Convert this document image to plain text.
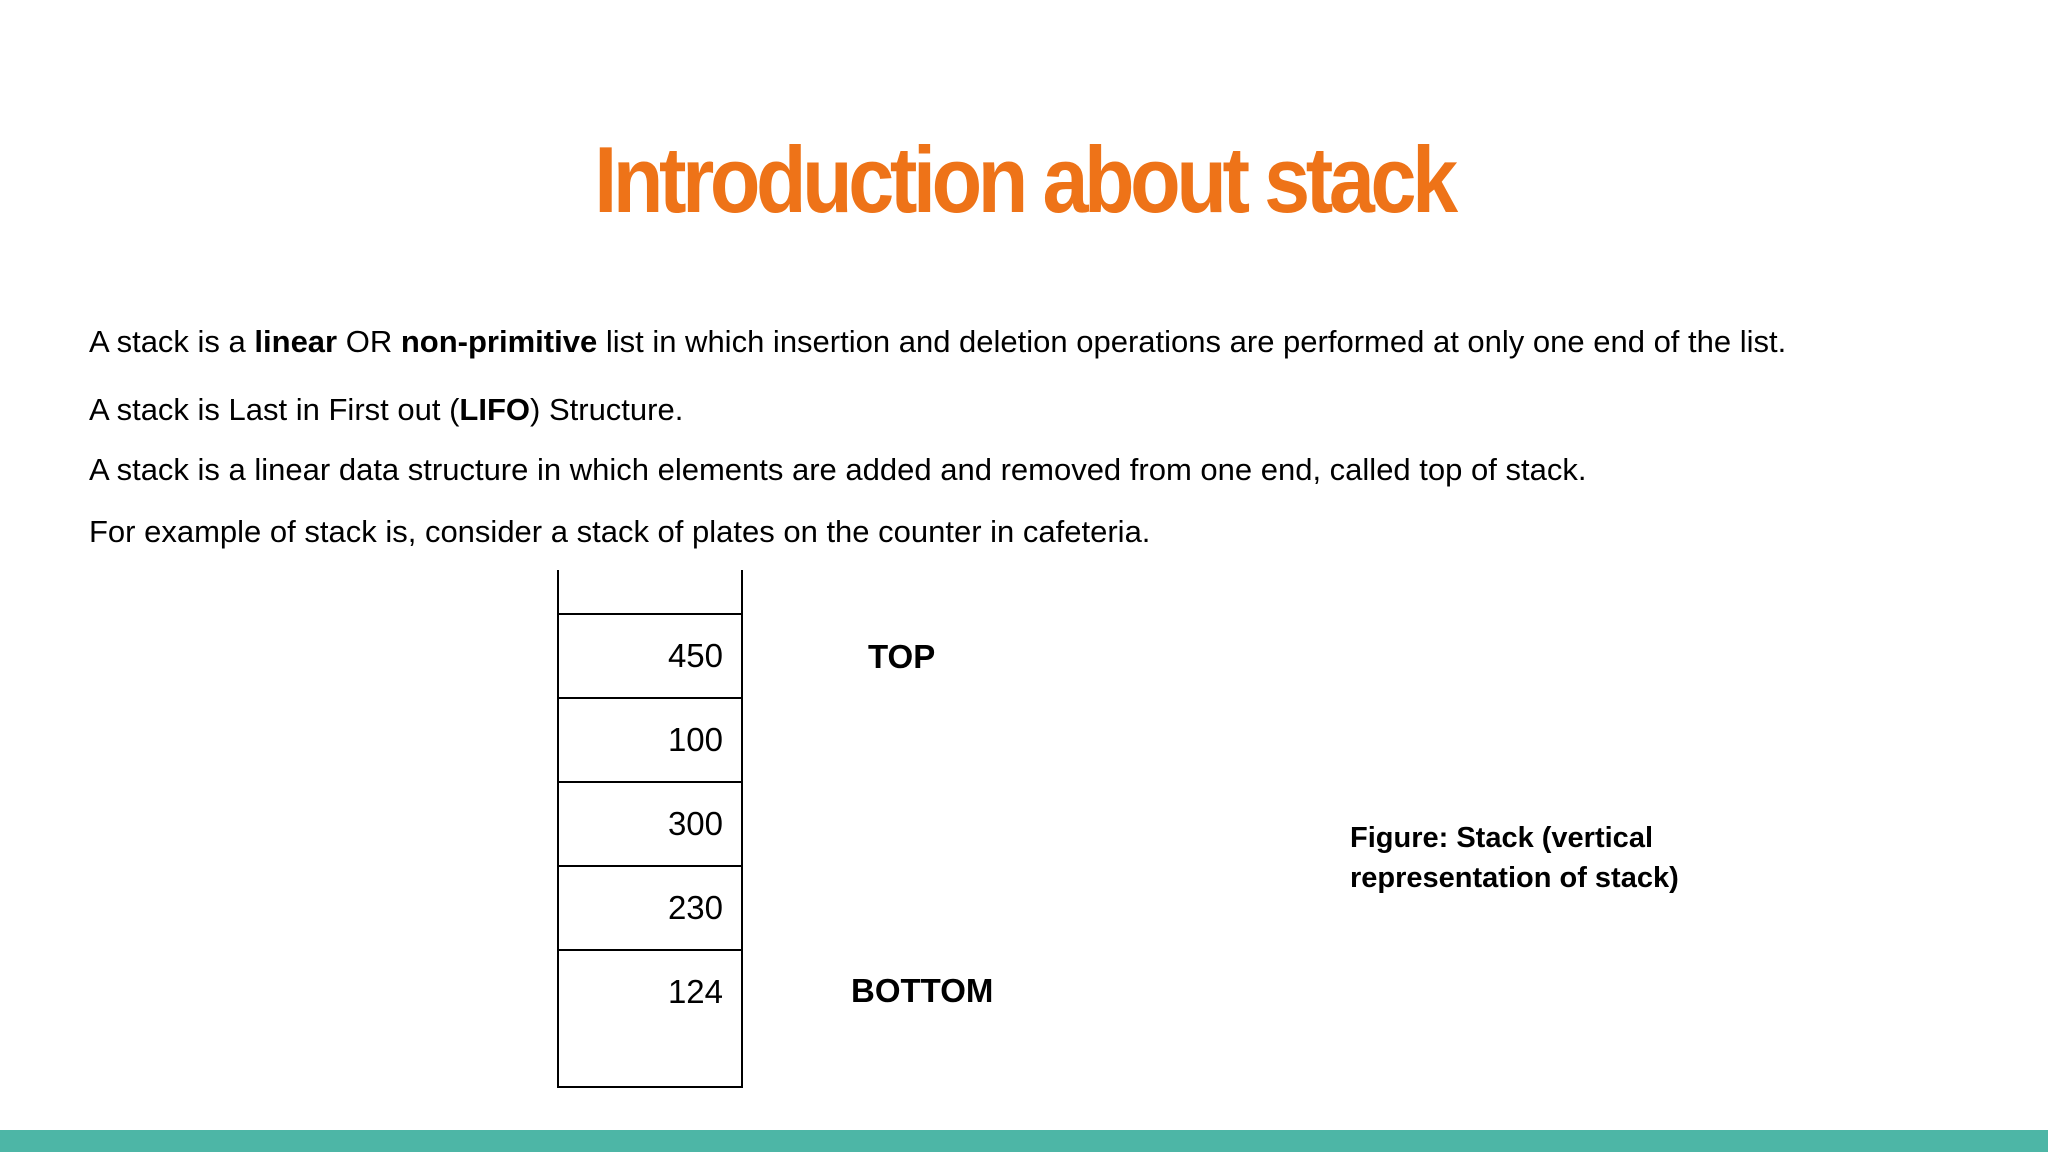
Introduction about stack
A stack is a linear OR non-primitive list in which insertion and deletion operations are performed at only one end of the list.
A stack is Last in First out (LIFO) Structure.
A stack is a linear data structure in which elements are added and removed from one end, called top of stack.
For example of stack is, consider a stack of plates on the counter in cafeteria.
450
100
300
230
124
TOP
BOTTOM
Figure: Stack (vertical
representation of stack)
